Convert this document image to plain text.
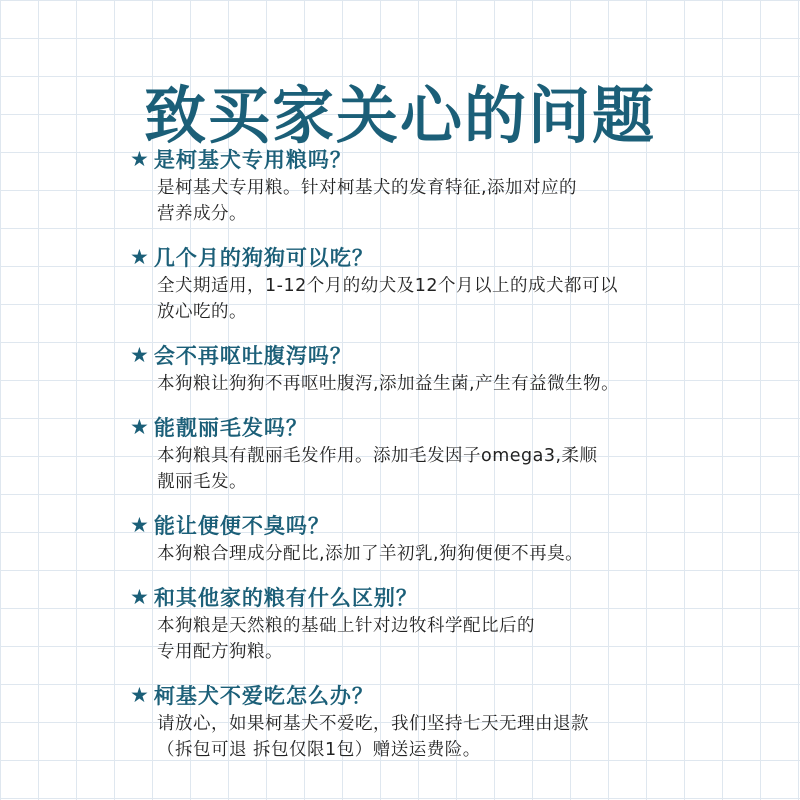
致买家关心的问题
★ 是柯基犬专用粮吗？
是柯基犬专用粮。针对柯基犬的发育特征,添加对应的
营养成分。
★ 几个月的狗狗可以吃？
全犬期适用，1-12个月的幼犬及12个月以上的成犬都可以
放心吃的。
★ 会不再呕吐腹泻吗？
本狗粮让狗狗不再呕吐腹泻,添加益生菌,产生有益微生物。
★ 能靓丽毛发吗？
本狗粮具有靓丽毛发作用。添加毛发因子omega3,柔顺
靓丽毛发。
★ 能让便便不臭吗？
本狗粮合理成分配比,添加了羊初乳,狗狗便便不再臭。
★ 和其他家的粮有什么区别？
本狗粮是天然粮的基础上针对边牧科学配比后的
专用配方狗粮。
★ 柯基犬不爱吃怎么办？
请放心，如果柯基犬不爱吃，我们坚持七天无理由退款
（拆包可退 拆包仅限1包）赠送运费险。
